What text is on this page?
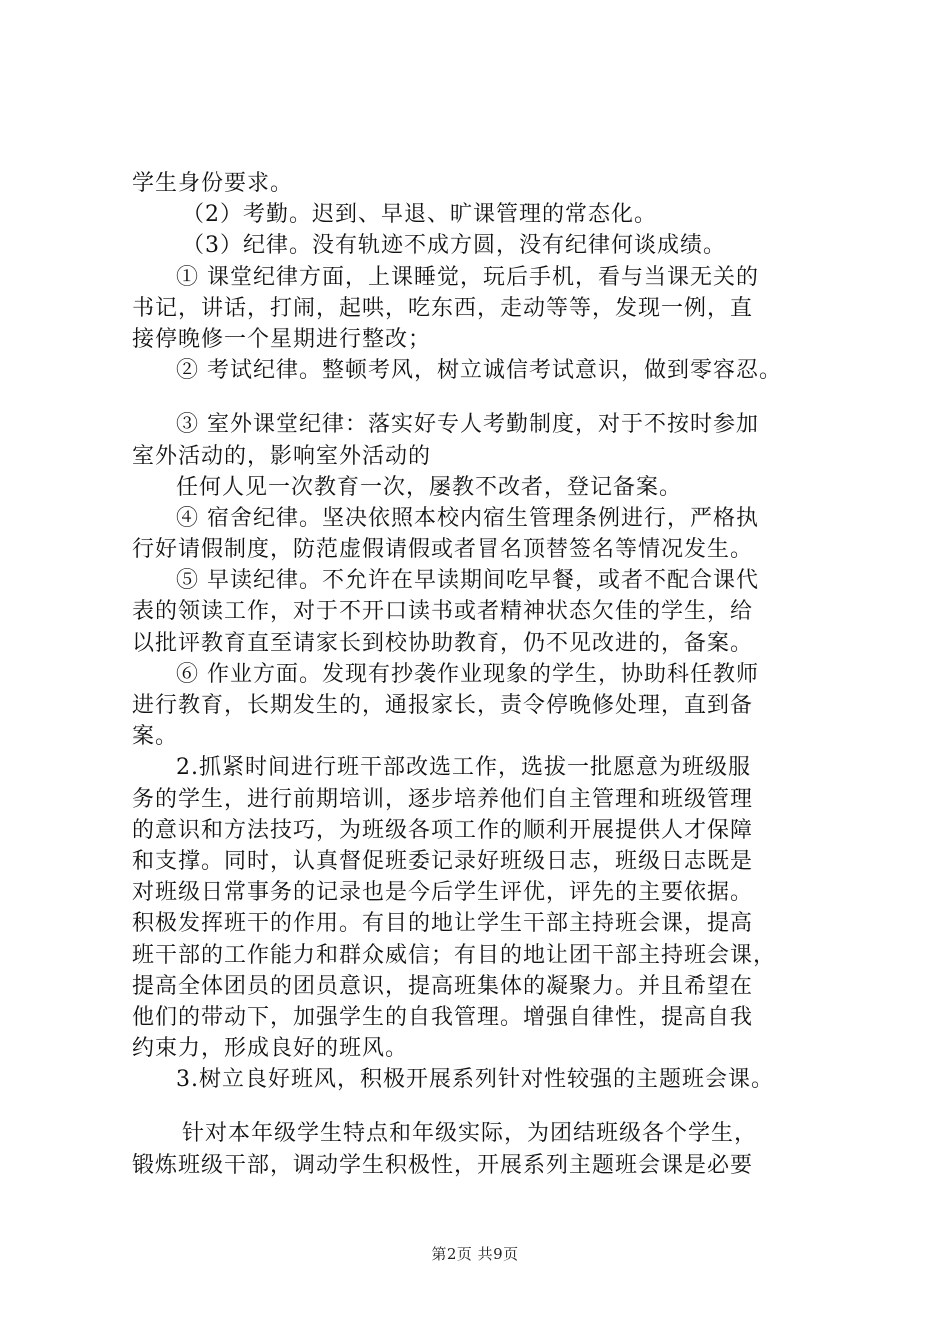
学生身份要求。
（2）考勤。迟到、早退、旷课管理的常态化。
（3）纪律。没有轨迹不成方圆，没有纪律何谈成绩。
① 课堂纪律方面，上课睡觉，玩后手机，看与当课无关的
书记，讲话，打闹，起哄，吃东西，走动等等，发现一例，直
接停晚修一个星期进行整改；
② 考试纪律。整顿考风，树立诚信考试意识，做到零容忍。
③ 室外课堂纪律：落实好专人考勤制度，对于不按时参加
室外活动的，影响室外活动的
任何人见一次教育一次，屡教不改者，登记备案。
④ 宿舍纪律。坚决依照本校内宿生管理条例进行，严格执
行好请假制度，防范虚假请假或者冒名顶替签名等情况发生。
⑤ 早读纪律。不允许在早读期间吃早餐，或者不配合课代
表的领读工作，对于不开口读书或者精神状态欠佳的学生，给
以批评教育直至请家长到校协助教育，仍不见改进的，备案。
⑥ 作业方面。发现有抄袭作业现象的学生，协助科任教师
进行教育，长期发生的，通报家长，责令停晚修处理，直到备
案。
2.抓紧时间进行班干部改选工作，选拔一批愿意为班级服
务的学生，进行前期培训，逐步培养他们自主管理和班级管理
的意识和方法技巧，为班级各项工作的顺利开展提供人才保障
和支撑。同时，认真督促班委记录好班级日志，班级日志既是
对班级日常事务的记录也是今后学生评优，评先的主要依据。
积极发挥班干的作用。有目的地让学生干部主持班会课，提高
班干部的工作能力和群众威信；有目的地让团干部主持班会课，
提高全体团员的团员意识，提高班集体的凝聚力。并且希望在
他们的带动下，加强学生的自我管理。增强自律性，提高自我
约束力，形成良好的班风。
3.树立良好班风，积极开展系列针对性较强的主题班会课。
针对本年级学生特点和年级实际，为团结班级各个学生，
锻炼班级干部，调动学生积极性，开展系列主题班会课是必要
第2页 共9页
